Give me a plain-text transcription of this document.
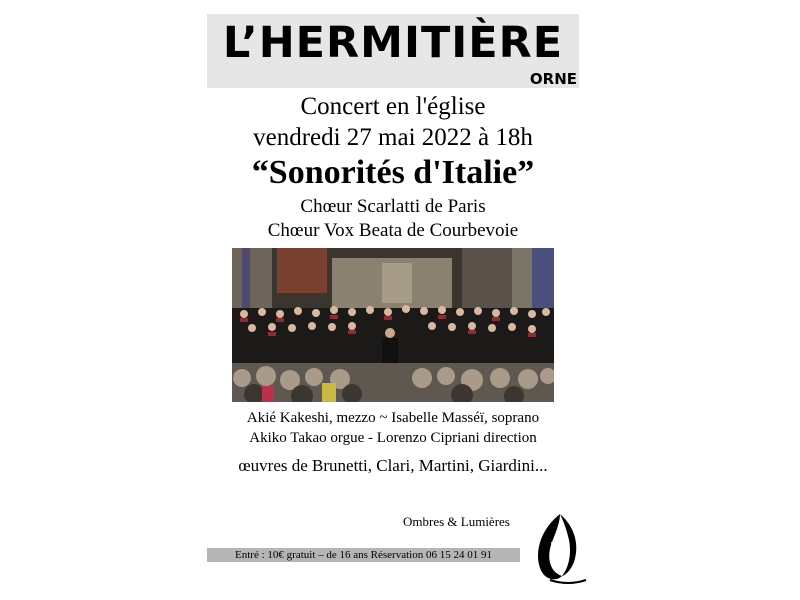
L’HERMITIÈRE
ORNE
Concert en l'église
vendredi 27 mai 2022 à 18h
“Sonorités d'Italie”
Chœur Scarlatti de Paris
Chœur Vox Beata de Courbevoie
Akié Kakeshi, mezzo ~ Isabelle Masséï, soprano
Akiko Takao orgue - Lorenzo Cipriani direction
œuvres de Brunetti, Clari, Martini, Giardini...
Ombres & Lumières
Entré : 10€ gratuit – de 16 ans Réservation 06 15 24 01 91
